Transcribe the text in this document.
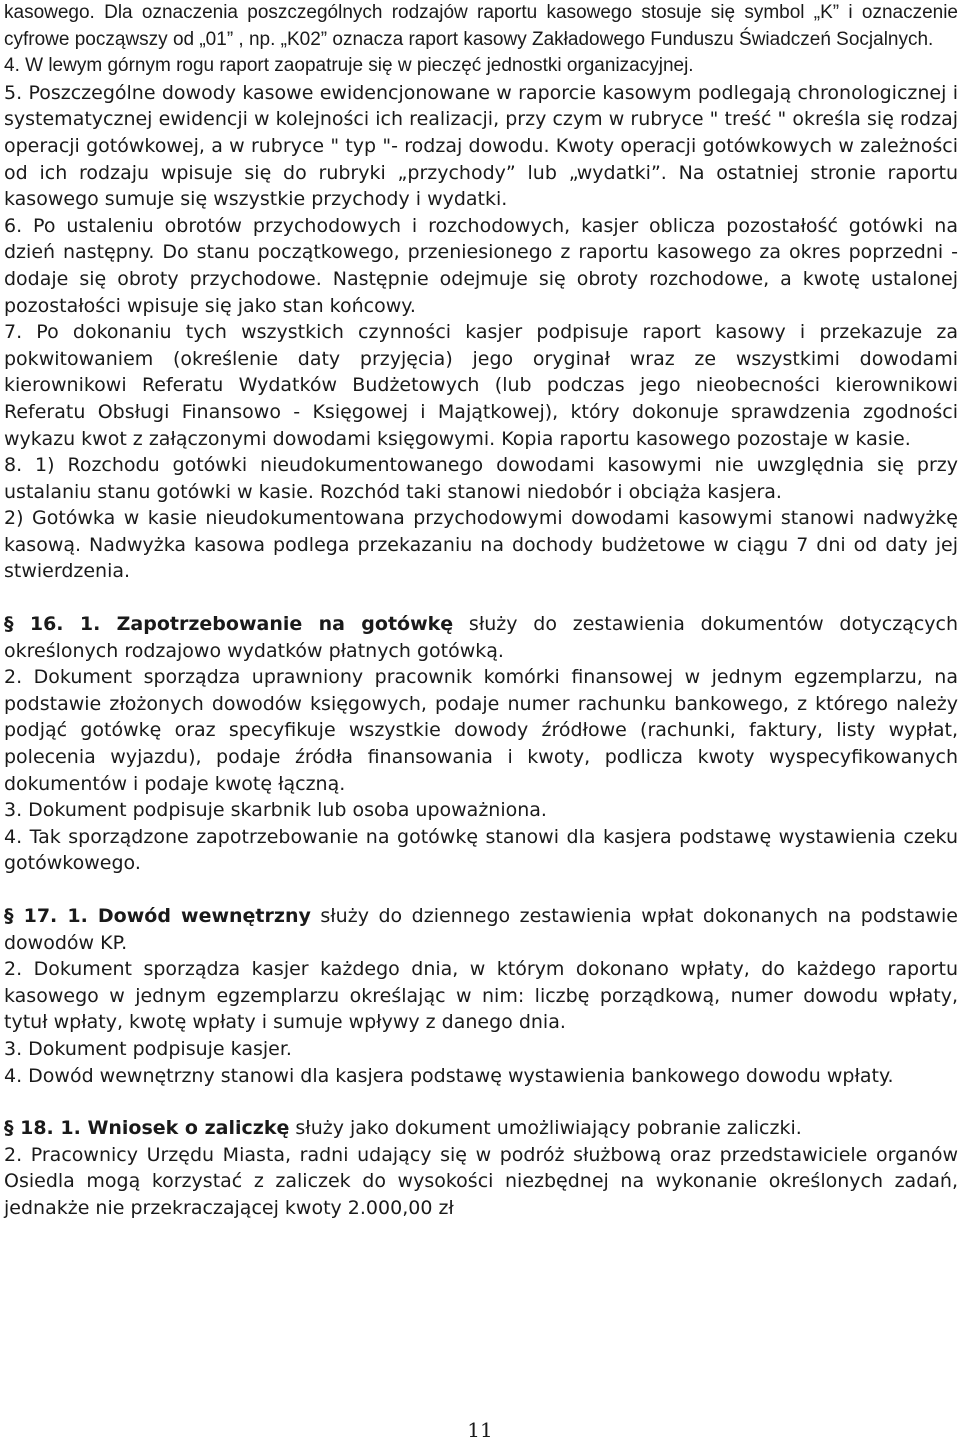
kasowego. Dla oznaczenia poszczególnych rodzajów raportu kasowego stosuje się symbol „K” i oznaczenie cyfrowe począwszy od „01” , np. „K02” oznacza raport kasowy Zakładowego Funduszu Świadczeń Socjalnych.

4. W lewym górnym rogu raport zaopatruje się w pieczęć jednostki organizacyjnej.

5. Poszczególne dowody kasowe ewidencjonowane w raporcie kasowym podlegają chronologicznej i systematycznej ewidencji w kolejności ich realizacji, przy czym w rubryce " treść " określa się rodzaj operacji gotówkowej, a w rubryce " typ "- rodzaj dowodu. Kwoty operacji gotówkowych w zależności od ich rodzaju wpisuje się do rubryki „przychody” lub „wydatki”. Na ostatniej stronie raportu kasowego sumuje się wszystkie przychody i wydatki.

6. Po ustaleniu obrotów przychodowych i rozchodowych, kasjer oblicza pozostałość gotówki na dzień następny. Do stanu początkowego, przeniesionego z raportu kasowego za okres poprzedni - dodaje się obroty przychodowe. Następnie odejmuje się obroty rozchodowe, a kwotę ustalonej pozostałości wpisuje się jako stan końcowy.

7. Po dokonaniu tych wszystkich czynności kasjer podpisuje raport kasowy i przekazuje za pokwitowaniem (określenie daty przyjęcia) jego oryginał wraz ze wszystkimi dowodami kierownikowi Referatu Wydatków Budżetowych (lub podczas jego nieobecności kierownikowi Referatu Obsługi Finansowo - Księgowej i Majątkowej), który dokonuje sprawdzenia zgodności wykazu kwot z załączonymi dowodami księgowymi. Kopia raportu kasowego pozostaje w kasie.

8. 1) Rozchodu gotówki nieudokumentowanego dowodami kasowymi nie uwzględnia się przy ustalaniu stanu gotówki w kasie. Rozchód taki stanowi niedobór i obciąża kasjera.

2) Gotówka w kasie nieudokumentowana przychodowymi dowodami kasowymi stanowi nadwyżkę kasową. Nadwyżka kasowa podlega przekazaniu na dochody budżetowe w ciągu 7 dni od daty jej stwierdzenia.

§ 16. 1. Zapotrzebowanie na gotówkę służy do zestawienia dokumentów dotyczących określonych rodzajowo wydatków płatnych gotówką.

2. Dokument sporządza uprawniony pracownik komórki finansowej w jednym egzemplarzu, na podstawie złożonych dowodów księgowych, podaje numer rachunku bankowego, z którego należy podjąć gotówkę oraz specyfikuje wszystkie dowody źródłowe (rachunki, faktury, listy wypłat, polecenia wyjazdu), podaje źródła finansowania i kwoty, podlicza kwoty wyspecyfikowanych dokumentów i podaje kwotę łączną.

3. Dokument podpisuje skarbnik lub osoba upoważniona.

4. Tak sporządzone zapotrzebowanie na gotówkę stanowi dla kasjera podstawę wystawienia czeku gotówkowego.

§ 17. 1. Dowód wewnętrzny służy do dziennego zestawienia wpłat dokonanych na podstawie dowodów KP.

2. Dokument sporządza kasjer każdego dnia, w którym dokonano wpłaty, do każdego raportu kasowego w jednym egzemplarzu określając w nim: liczbę porządkową, numer dowodu wpłaty, tytuł wpłaty, kwotę wpłaty i sumuje wpływy z danego dnia.

3. Dokument podpisuje kasjer.

4. Dowód wewnętrzny stanowi dla kasjera podstawę wystawienia bankowego dowodu wpłaty.

§ 18. 1. Wniosek o zaliczkę służy jako dokument umożliwiający pobranie zaliczki.

2. Pracownicy Urzędu Miasta, radni udający się w podróż służbową oraz przedstawiciele organów Osiedla mogą korzystać z zaliczek do wysokości niezbędnej na wykonanie określonych zadań, jednakże nie przekraczającej kwoty 2.000,00 zł

11
